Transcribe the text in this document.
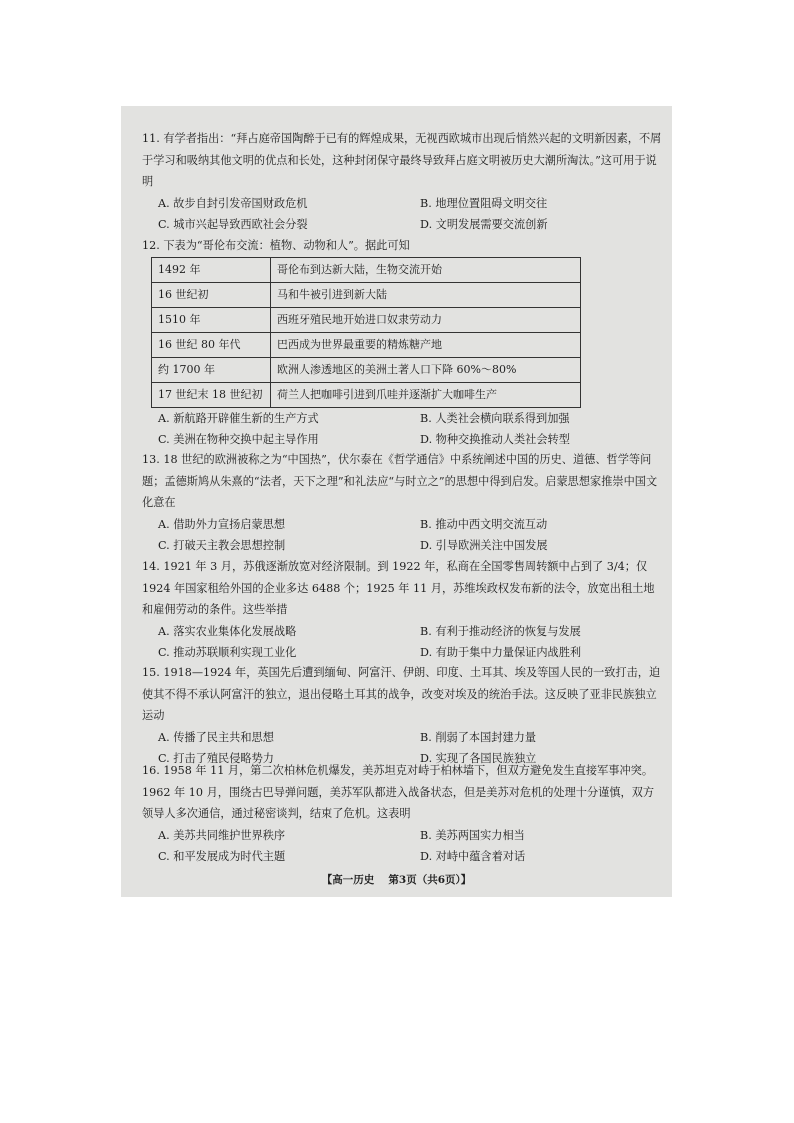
11. 有学者指出：“拜占庭帝国陶醉于已有的辉煌成果，无视西欧城市出现后悄然兴起的文明新因素，不屑于学习和吸纳其他文明的优点和长处，这种封闭保守最终导致拜占庭文明被历史大潮所淘汰。”这可用于说明

A. 故步自封引发帝国财政危机	B. 地理位置阻碍文明交往
C. 城市兴起导致西欧社会分裂	D. 文明发展需要交流创新

12. 下表为“哥伦布交流：植物、动物和人”。据此可知

1492 年	哥伦布到达新大陆，生物交流开始
16 世纪初	马和牛被引进到新大陆
1510 年	西班牙殖民地开始进口奴隶劳动力
16 世纪 80 年代	巴西成为世界最重要的精炼糖产地
约 1700 年	欧洲人渗透地区的美洲土著人口下降 60%～80%
17 世纪末 18 世纪初	荷兰人把咖啡引进到爪哇并逐渐扩大咖啡生产
A. 新航路开辟催生新的生产方式	B. 人类社会横向联系得到加强
C. 美洲在物种交换中起主导作用	D. 物种交换推动人类社会转型

13. 18 世纪的欧洲被称之为“中国热”，伏尔泰在《哲学通信》中系统阐述中国的历史、道德、哲学等问题；孟德斯鸠从朱熹的“法者，天下之理”和礼法应“与时立之”的思想中得到启发。启蒙思想家推崇中国文化意在

A. 借助外力宣扬启蒙思想	B. 推动中西文明交流互动
C. 打破天主教会思想控制	D. 引导欧洲关注中国发展

14. 1921 年 3 月，苏俄逐渐放宽对经济限制。到 1922 年，私商在全国零售周转额中占到了 3/4；仅 1924 年国家租给外国的企业多达 6488 个；1925 年 11 月，苏维埃政权发布新的法令，放宽出租土地和雇佣劳动的条件。这些举措

A. 落实农业集体化发展战略	B. 有利于推动经济的恢复与发展
C. 推动苏联顺利实现工业化	D. 有助于集中力量保证内战胜利

15. 1918—1924 年，英国先后遭到缅甸、阿富汗、伊朗、印度、土耳其、埃及等国人民的一致打击，迫使其不得不承认阿富汗的独立，退出侵略土耳其的战争，改变对埃及的统治手法。这反映了亚非民族独立运动

A. 传播了民主共和思想	B. 削弱了本国封建力量
C. 打击了殖民侵略势力	D. 实现了各国民族独立

16. 1958 年 11 月，第二次柏林危机爆发，美苏坦克对峙于柏林墙下，但双方避免发生直接军事冲突。1962 年 10 月，围绕古巴导弹问题，美苏军队都进入战备状态，但是美苏对危机的处理十分谨慎，双方领导人多次通信，通过秘密谈判，结束了危机。这表明

A. 美苏共同维护世界秩序	B. 美苏两国实力相当
C. 和平发展成为时代主题	D. 对峙中蕴含着对话
【高一历史　 第3页（共6页）】
